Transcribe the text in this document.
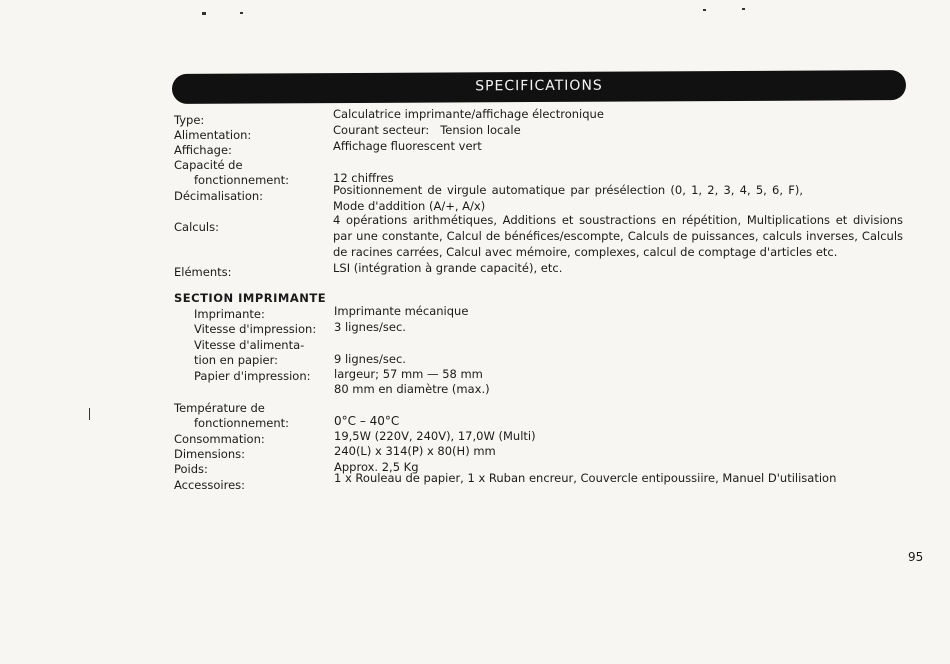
SPECIFICATIONS
Type:	Calculatrice imprimante/affichage électronique
Alimentation:	Courant secteur:   Tension locale
Affichage:	Affichage fluorescent vert
Capacité de
fonctionnement:	12 chiffres
Décimalisation:	Positionnement de virgule automatique par présélection (0, 1, 2, 3, 4, 5, 6, F),
Mode d'addition (A/+, A/x)
Calculs:	4 opérations arithmétiques, Additions et soustractions en répétition, Multiplications et divisions par une constante, Calcul de bénéfices/escompte, Calculs de puissances, calculs inverses, Calculs de racines carrées, Calcul avec mémoire, complexes, calcul de comptage d'articles etc.
Eléments:	LSI (intégration à grande capacité), etc.
SECTION IMPRIMANTE
Imprimante:	Imprimante mécanique
Vitesse d'impression: 3 lignes/sec.
Vitesse d'alimenta-
tion en papier:	9 lignes/sec.
Papier d'impression: largeur; 57 mm — 58 mm
80 mm en diamètre (max.)
Température de
fonctionnement:	0°C – 40°C
Consommation:	19,5W (220V, 240V), 17,0W (Multi)
Dimensions:	240(L) x 314(P) x 80(H) mm
Poids:	Approx. 2,5 Kg
Accessoires:	1 x Rouleau de papier, 1 x Ruban encreur, Couvercle entipoussiire, Manuel D'utilisation
95
